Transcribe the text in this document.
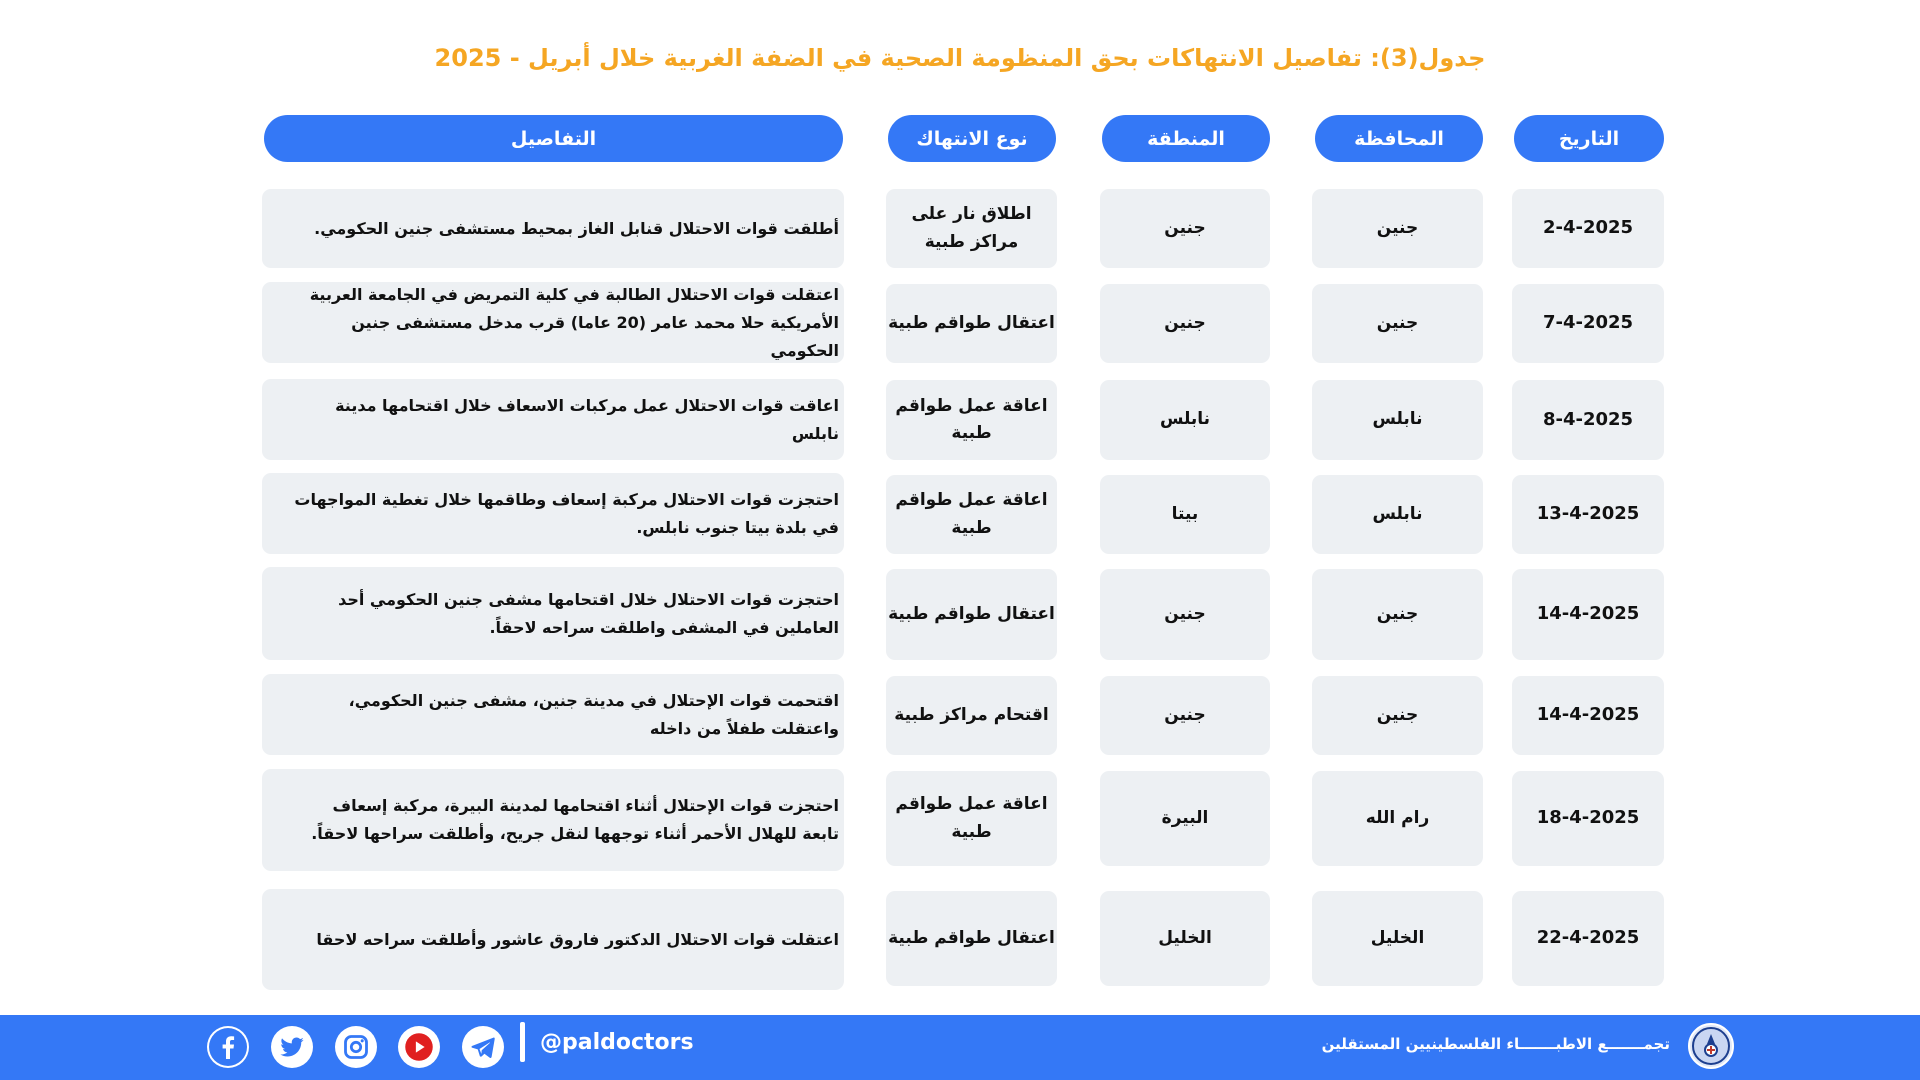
جدول(3): تفاصيل الانتهاكات بحق المنظومة الصحية في الضفة الغربية خلال أبريل - 2025
التاريخ
المحافظة
المنطقة
نوع الانتهاك
التفاصيل
2-4-2025
جنين
جنين
اطلاق نار على مراكز طبية
أطلقت قوات الاحتلال قنابل الغاز بمحيط مستشفى جنين الحكومي.
7-4-2025
جنين
جنين
اعتقال طواقم طبية
اعتقلت قوات الاحتلال الطالبة في كلية التمريض في الجامعة العربية الأمريكية حلا محمد عامر (20 عاما) قرب مدخل مستشفى جنين الحكومي
8-4-2025
نابلس
نابلس
اعاقة عمل طواقم طبية
اعاقت قوات الاحتلال عمل مركبات الاسعاف خلال اقتحامها مدينة نابلس
13-4-2025
نابلس
بيتا
اعاقة عمل طواقم طبية
احتجزت قوات الاحتلال مركبة إسعاف وطاقمها خلال تغطية المواجهات في بلدة بيتا جنوب نابلس.
14-4-2025
جنين
جنين
اعتقال طواقم طبية
احتجزت قوات الاحتلال خلال اقتحامها مشفى جنين الحكومي أحد العاملين في المشفى واطلقت سراحه لاحقاً.
14-4-2025
جنين
جنين
اقتحام مراكز طبية
اقتحمت قوات الإحتلال في مدينة جنين، مشفى جنين الحكومي، واعتقلت طفلاً من داخله
18-4-2025
رام الله
البيرة
اعاقة عمل طواقم طبية
احتجزت قوات الإحتلال أثناء اقتحامها لمدينة البيرة، مركبة إسعاف تابعة للهلال الأحمر أثناء توجهها لنقل جريح، وأطلقت سراحها لاحقاً.
22-4-2025
الخليل
الخليل
اعتقال طواقم طبية
اعتقلت قوات الاحتلال الدكتور فاروق عاشور وأطلقت سراحه لاحقا
@paldoctors	تجمـــــــع الاطبـــــــاء الفلسطينيين المستقلين
